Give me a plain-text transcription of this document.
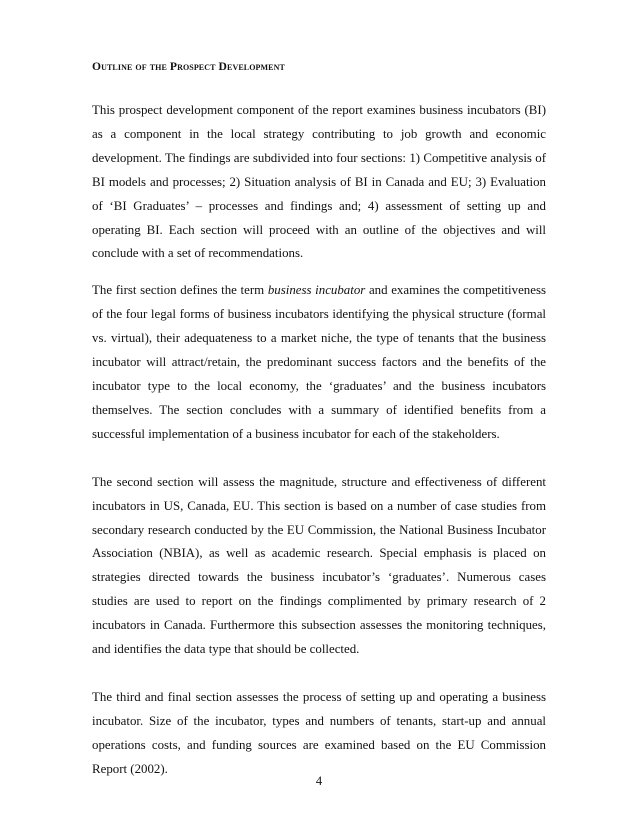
Outline of the Prospect Development

This prospect development component of the report examines business incubators (BI) as a component in the local strategy contributing to job growth and economic development. The findings are subdivided into four sections: 1) Competitive analysis of BI models and processes; 2) Situation analysis of BI in Canada and EU; 3) Evaluation of ‘BI Graduates’ – processes and findings and; 4) assessment of setting up and operating BI. Each section will proceed with an outline of the objectives and will conclude with a set of recommendations.

The first section defines the term business incubator and examines the competitiveness of the four legal forms of business incubators identifying the physical structure (formal vs. virtual), their adequateness to a market niche, the type of tenants that the business incubator will attract/retain, the predominant success factors and the benefits of the incubator type to the local economy, the ‘graduates’ and the business incubators themselves. The section concludes with a summary of identified benefits from a successful implementation of a business incubator for each of the stakeholders.

The second section will assess the magnitude, structure and effectiveness of different incubators in US, Canada, EU. This section is based on a number of case studies from secondary research conducted by the EU Commission, the National Business Incubator Association (NBIA), as well as academic research. Special emphasis is placed on strategies directed towards the business incubator’s ‘graduates’. Numerous cases studies are used to report on the findings complimented by primary research of 2 incubators in Canada. Furthermore this subsection assesses the monitoring techniques, and identifies the data type that should be collected.

The third and final section assesses the process of setting up and operating a business incubator. Size of the incubator, types and numbers of tenants, start-up and annual operations costs, and funding sources are examined based on the EU Commission Report (2002).

4
